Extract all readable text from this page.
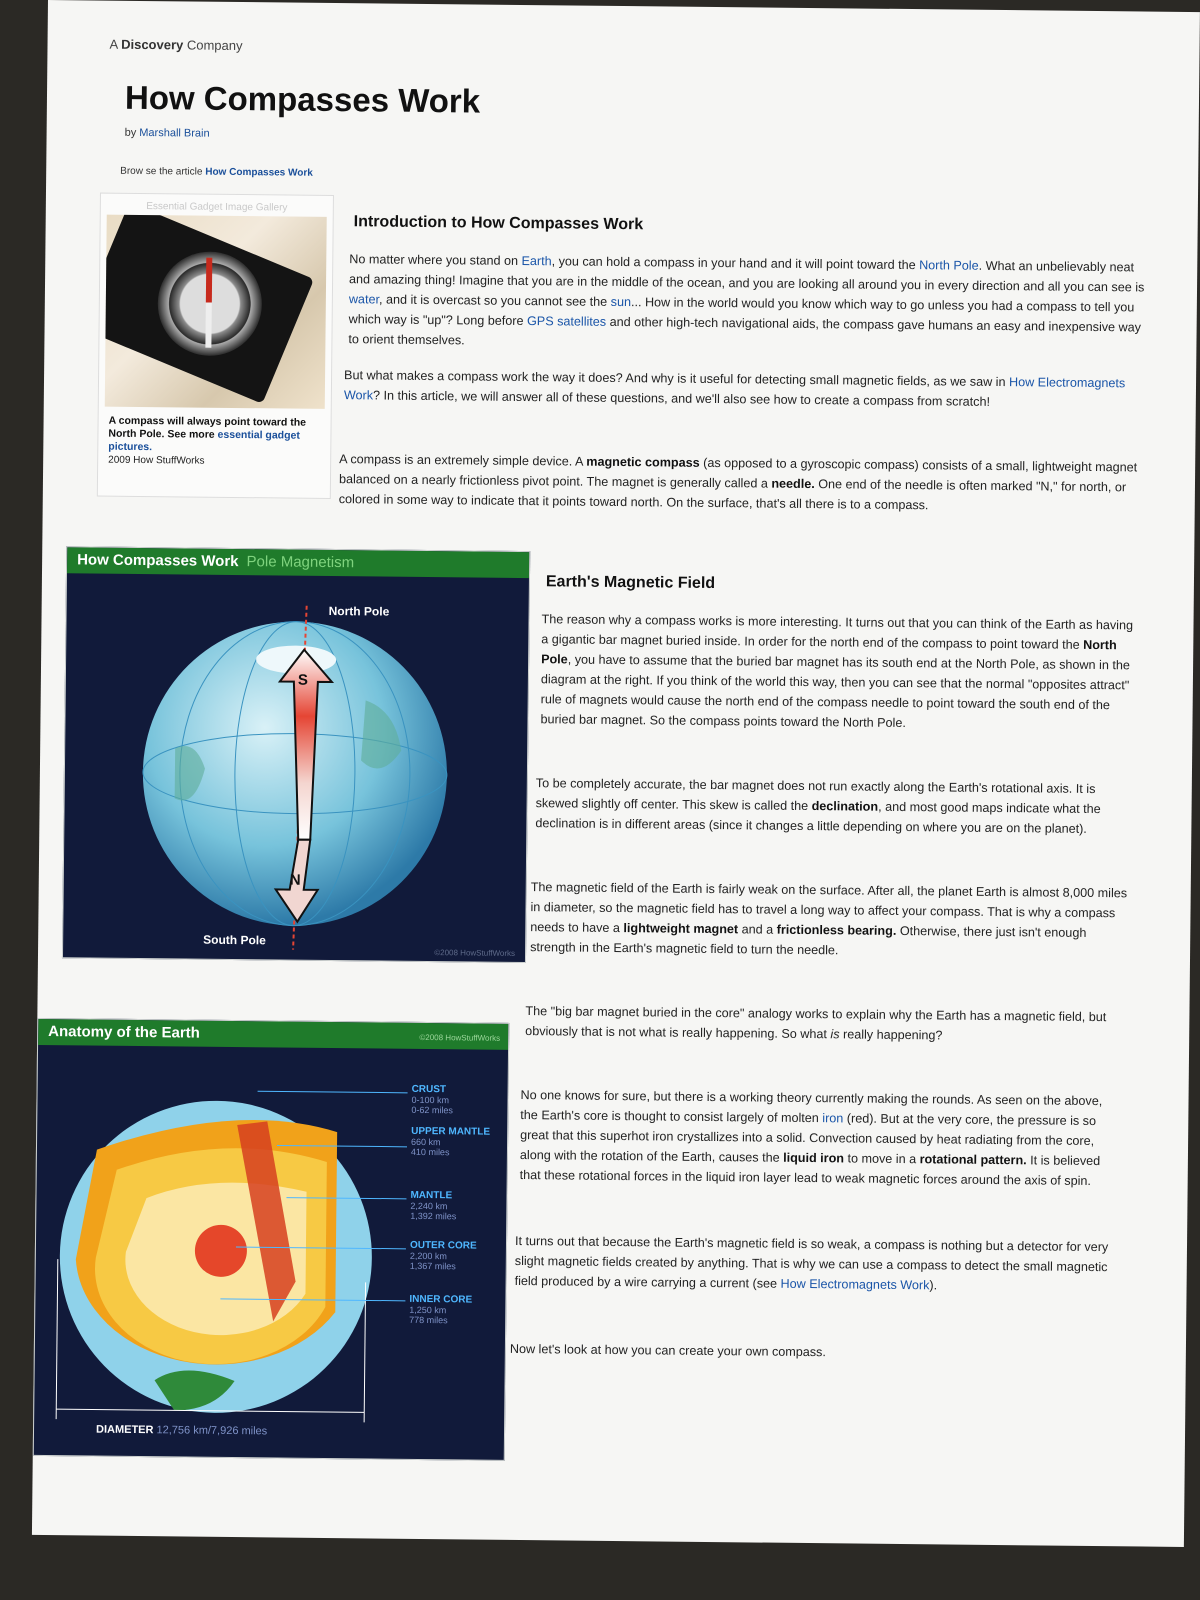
A Discovery Company
How Compasses Work
by Marshall Brain
Brow se the article How Compasses Work
Essential Gadget Image Gallery
A compass will always point toward the North Pole. See more essential gadget pictures.
2009 How StuffWorks
Introduction to How Compasses Work

No matter where you stand on Earth, you can hold a compass in your hand and it will point toward the North Pole. What an unbelievably neat and amazing thing! Imagine that you are in the middle of the ocean, and you are looking all around you in every direction and all you can see is water, and it is overcast so you cannot see the sun... How in the world would you know which way to go unless you had a compass to tell you which way is "up"? Long before GPS satellites and other high-tech navigational aids, the compass gave humans an easy and inexpensive way to orient themselves.

But what makes a compass work the way it does? And why is it useful for detecting small magnetic fields, as we saw in How Electromagnets Work? In this article, we will answer all of these questions, and we'll also see how to create a compass from scratch!

A compass is an extremely simple device. A magnetic compass (as opposed to a gyroscopic compass) consists of a small, lightweight magnet balanced on a nearly frictionless pivot point. The magnet is generally called a needle. One end of the needle is often marked "N," for north, or colored in some way to indicate that it points toward north. On the surface, that's all there is to a compass.

How Compasses Work Pole Magnetism
North Pole
South Pole
S
N
©2008 HowStuffWorks
Earth's Magnetic Field

The reason why a compass works is more interesting. It turns out that you can think of the Earth as having a gigantic bar magnet buried inside. In order for the north end of the compass to point toward the North Pole, you have to assume that the buried bar magnet has its south end at the North Pole, as shown in the diagram at the right. If you think of the world this way, then you can see that the normal "opposites attract" rule of magnets would cause the north end of the compass needle to point toward the south end of the buried bar magnet. So the compass points toward the North Pole.

To be completely accurate, the bar magnet does not run exactly along the Earth's rotational axis. It is skewed slightly off center. This skew is called the declination, and most good maps indicate what the declination is in different areas (since it changes a little depending on where you are on the planet).

The magnetic field of the Earth is fairly weak on the surface. After all, the planet Earth is almost 8,000 miles in diameter, so the magnetic field has to travel a long way to affect your compass. That is why a compass needs to have a lightweight magnet and a frictionless bearing. Otherwise, there just isn't enough strength in the Earth's magnetic field to turn the needle.

The "big bar magnet buried in the core" analogy works to explain why the Earth has a magnetic field, but obviously that is not what is really happening. So what is really happening?

No one knows for sure, but there is a working theory currently making the rounds. As seen on the above, the Earth's core is thought to consist largely of molten iron (red). But at the very core, the pressure is so great that this superhot iron crystallizes into a solid. Convection caused by heat radiating from the core, along with the rotation of the Earth, causes the liquid iron to move in a rotational pattern. It is believed that these rotational forces in the liquid iron layer lead to weak magnetic forces around the axis of spin.

It turns out that because the Earth's magnetic field is so weak, a compass is nothing but a detector for very slight magnetic fields created by anything. That is why we can use a compass to detect the small magnetic field produced by a wire carrying a current (see How Electromagnets Work).

Now let's look at how you can create your own compass.

Anatomy of the Earth	©2008 HowStuffWorks
CRUST
0-100 km
0-62 miles
UPPER MANTLE
660 km
410 miles
MANTLE
2,240 km
1,392 miles
OUTER CORE
2,200 km
1,367 miles
INNER CORE
1,250 km
778 miles
DIAMETER 12,756 km/7,926 miles
